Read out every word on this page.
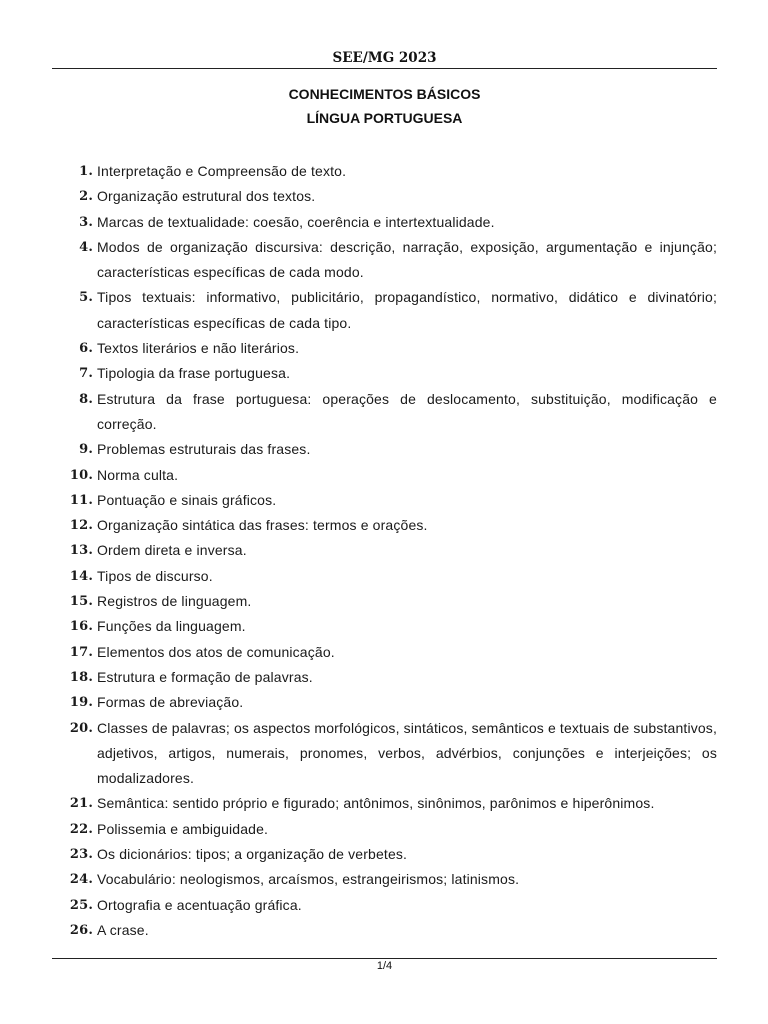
SEE/MG 2023
CONHECIMENTOS BÁSICOS
LÍNGUA PORTUGUESA
1. Interpretação e Compreensão de texto.
2. Organização estrutural dos textos.
3. Marcas de textualidade: coesão, coerência e intertextualidade.
4. Modos de organização discursiva: descrição, narração, exposição, argumentação e injunção; características específicas de cada modo.
5. Tipos textuais: informativo, publicitário, propagandístico, normativo, didático e divinatório; características específicas de cada tipo.
6. Textos literários e não literários.
7. Tipologia da frase portuguesa.
8. Estrutura da frase portuguesa: operações de deslocamento, substituição, modificação e correção.
9. Problemas estruturais das frases.
10. Norma culta.
11. Pontuação e sinais gráficos.
12. Organização sintática das frases: termos e orações.
13. Ordem direta e inversa.
14. Tipos de discurso.
15. Registros de linguagem.
16. Funções da linguagem.
17. Elementos dos atos de comunicação.
18. Estrutura e formação de palavras.
19. Formas de abreviação.
20. Classes de palavras; os aspectos morfológicos, sintáticos, semânticos e textuais de substantivos, adjetivos, artigos, numerais, pronomes, verbos, advérbios, conjunções e interjeições; os modalizadores.
21. Semântica: sentido próprio e figurado; antônimos, sinônimos, parônimos e hiperônimos.
22. Polissemia e ambiguidade.
23. Os dicionários: tipos; a organização de verbetes.
24. Vocabulário: neologismos, arcaísmos, estrangeirismos; latinismos.
25. Ortografia e acentuação gráfica.
26. A crase.
1/4
